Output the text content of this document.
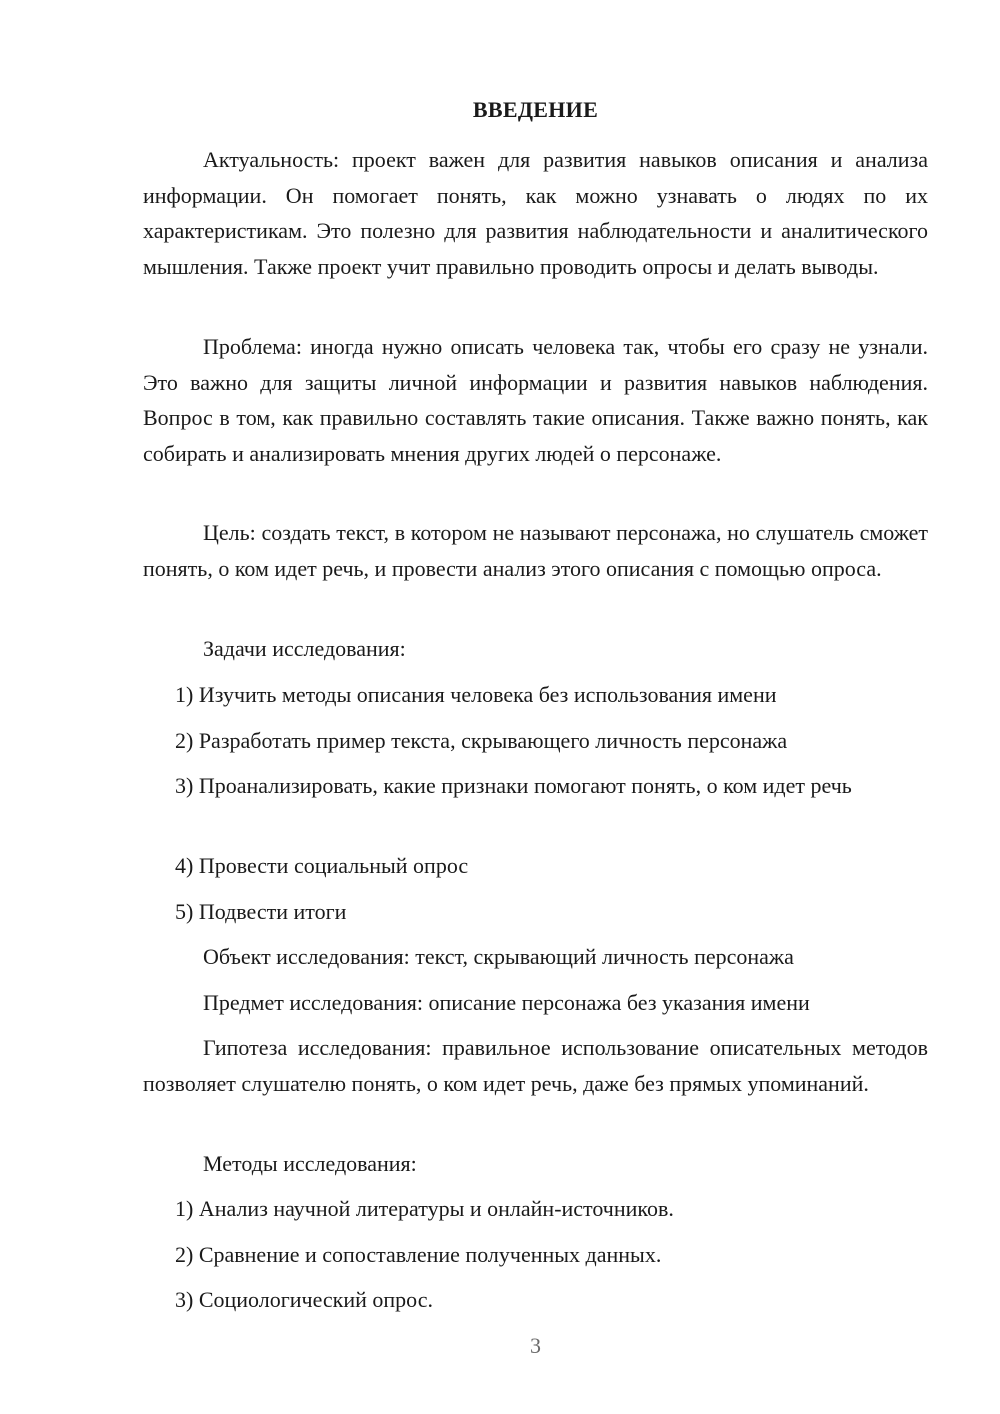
ВВЕДЕНИЕ

Актуальность: проект важен для развития навыков описания и анализа информации. Он помогает понять, как можно узнавать о людях по их характеристикам. Это полезно для развития наблюдательности и аналитического мышления. Также проект учит правильно проводить опросы и делать выводы.

Проблема: иногда нужно описать человека так, чтобы его сразу не узнали. Это важно для защиты личной информации и развития навыков наблюдения. Вопрос в том, как правильно составлять такие описания. Также важно понять, как собирать и анализировать мнения других людей о персонаже.

Цель: создать текст, в котором не называют персонажа, но слушатель сможет понять, о ком идет речь, и провести анализ этого описания с помощью опроса.

Задачи исследования:
1) Изучить методы описания человека без использования имени
2) Разработать пример текста, скрывающего личность персонажа

3) Проанализировать, какие признаки помогают понять, о ком идет речь

4) Провести социальный опрос
5) Подвести итоги
Объект исследования: текст, скрывающий личность персонажа
Предмет исследования: описание персонажа без указания имени

Гипотеза исследования: правильное использование описательных методов позволяет слушателю понять, о ком идет речь, даже без прямых упоминаний.

Методы исследования:
1) Анализ научной литературы и онлайн-источников.
2) Сравнение и сопоставление полученных данных.
3) Социологический опрос.
3
